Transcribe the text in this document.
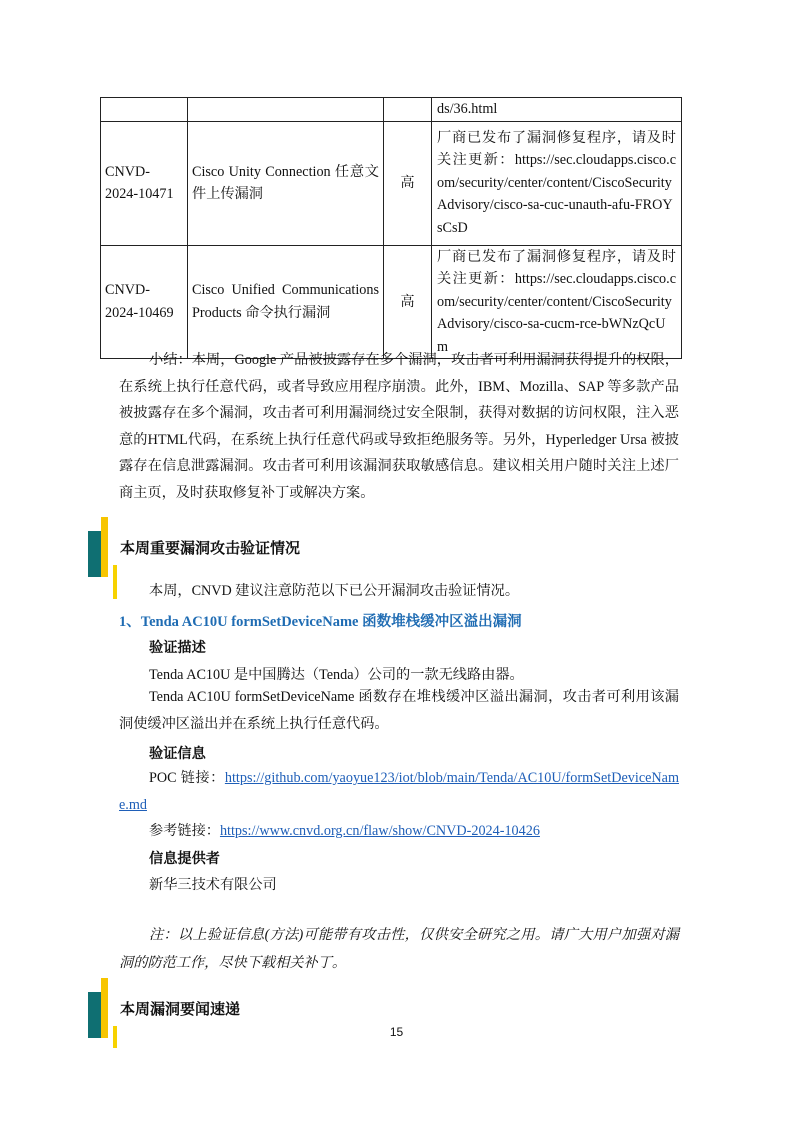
			ds/36.html
CNVD-2024-10471	Cisco Unity Connection 任意文件上传漏洞	高	厂商已发布了漏洞修复程序，请及时关注更新：https://sec.cloudapps.cisco.com/security/center/content/CiscoSecurityAdvisory/cisco-sa-cuc-unauth-afu-FROYsCsD
CNVD-2024-10469	Cisco Unified Communications Products 命令执行漏洞	高	厂商已发布了漏洞修复程序，请及时关注更新：https://sec.cloudapps.cisco.com/security/center/content/CiscoSecurityAdvisory/cisco-sa-cucm-rce-bWNzQcUm

小结：本周，Google 产品被披露存在多个漏洞，攻击者可利用漏洞获得提升的权限，在系统上执行任意代码，或者导致应用程序崩溃。此外，IBM、Mozilla、SAP 等多款产品被披露存在多个漏洞，攻击者可利用漏洞绕过安全限制，获得对数据的访问权限，注入恶意的HTML代码，在系统上执行任意代码或导致拒绝服务等。另外，Hyperledger Ursa 被披露存在信息泄露漏洞。攻击者可利用该漏洞获取敏感信息。建议相关用户随时关注上述厂商主页，及时获取修复补丁或解决方案。

本周重要漏洞攻击验证情况

本周，CNVD 建议注意防范以下已公开漏洞攻击验证情况。

1、Tenda AC10U formSetDeviceName 函数堆栈缓冲区溢出漏洞

验证描述

Tenda AC10U 是中国腾达（Tenda）公司的一款无线路由器。

Tenda AC10U formSetDeviceName 函数存在堆栈缓冲区溢出漏洞，攻击者可利用该漏洞使缓冲区溢出并在系统上执行任意代码。

验证信息

POC 链接：https://github.com/yaoyue123/iot/blob/main/Tenda/AC10U/formSetDeviceName.md

参考链接：https://www.cnvd.org.cn/flaw/show/CNVD-2024-10426

信息提供者

新华三技术有限公司

注：以上验证信息(方法)可能带有攻击性，仅供安全研究之用。请广大用户加强对漏洞的防范工作，尽快下载相关补丁。

本周漏洞要闻速递
15
